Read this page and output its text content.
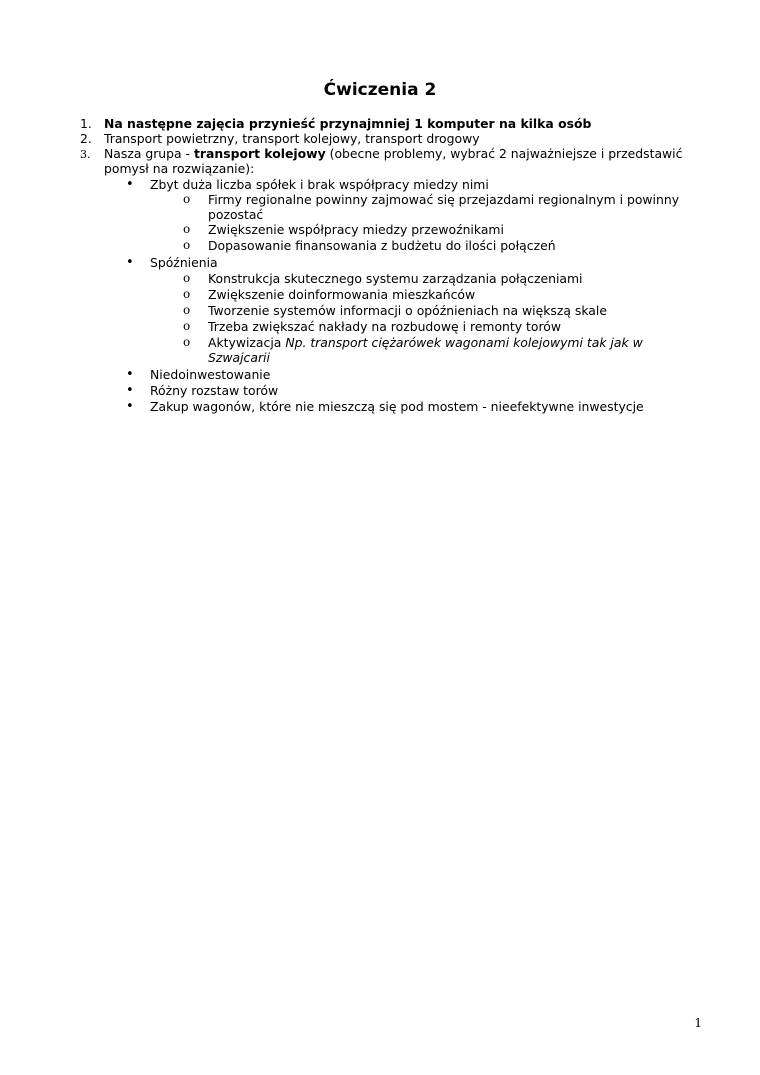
Ćwiczenia 2
1. Na następne zajęcia przynieść przynajmniej 1 komputer na kilka osób
2. Transport powietrzny, transport kolejowy, transport drogowy
3. Nasza grupa - transport kolejowy (obecne problemy, wybrać 2 najważniejsze i przedstawić
pomysł na rozwiązanie):
• Zbyt duża liczba spółek i brak współpracy miedzy nimi
o Firmy regionalne powinny zajmować się przejazdami regionalnym i powinny
pozostać
o Zwiększenie współpracy miedzy przewoźnikami
o Dopasowanie finansowania z budżetu do ilości połączeń
• Spóźnienia
o Konstrukcja skutecznego systemu zarządzania połączeniami
o Zwiększenie doinformowania mieszkańców
o Tworzenie systemów informacji o opóźnieniach na większą skale
o Trzeba zwiększać nakłady na rozbudowę i remonty torów
o Aktywizacja Np. transport ciężarówek wagonami kolejowymi tak jak w
Szwajcarii
• Niedoinwestowanie
• Różny rozstaw torów
• Zakup wagonów, które nie mieszczą się pod mostem - nieefektywne inwestycje
1
